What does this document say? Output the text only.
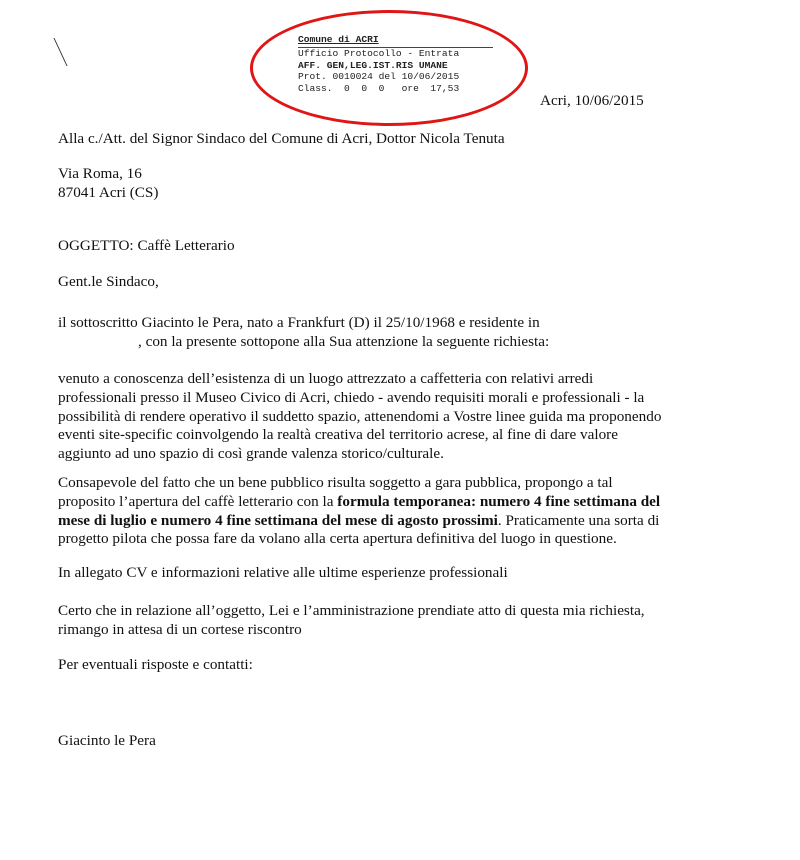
Comune di ACRI
Ufficio Protocollo - Entrata
AFF. GEN,LEG.IST.RIS UMANE
Prot. 0010024 del 10/06/2015
Class.  0  0  0   ore  17,53
Acri, 10/06/2015
Alla c./Att. del Signor Sindaco del Comune di Acri, Dottor Nicola Tenuta
Via Roma, 16
87041 Acri (CS)
OGGETTO: Caffè Letterario
Gent.le Sindaco,
il sottoscritto Giacinto le Pera, nato a Frankfurt (D) il 25/10/1968 e residente in
, con la presente sottopone alla Sua attenzione la seguente richiesta:
venuto a conoscenza dell’esistenza di un luogo attrezzato a caffetteria con relativi arredi
professionali presso il Museo Civico di Acri, chiedo - avendo requisiti morali e professionali - la
possibilità di rendere operativo il suddetto spazio, attenendomi a Vostre linee guida ma proponendo
eventi site-specific coinvolgendo la realtà creativa del territorio acrese, al fine di dare valore
aggiunto ad uno spazio di così grande valenza storico/culturale.
Consapevole del fatto che un bene pubblico risulta soggetto a gara pubblica, propongo a tal
proposito l’apertura del caffè letterario con la formula temporanea: numero 4 fine settimana del
mese di luglio e numero 4 fine settimana del mese di agosto prossimi. Praticamente una sorta di
progetto pilota che possa fare da volano alla certa apertura definitiva del luogo in questione.
In allegato CV e informazioni relative alle ultime esperienze professionali
Certo che in relazione all’oggetto, Lei e l’amministrazione prendiate atto di questa mia richiesta,
rimango in attesa di un cortese riscontro
Per eventuali risposte e contatti:
Giacinto le Pera
